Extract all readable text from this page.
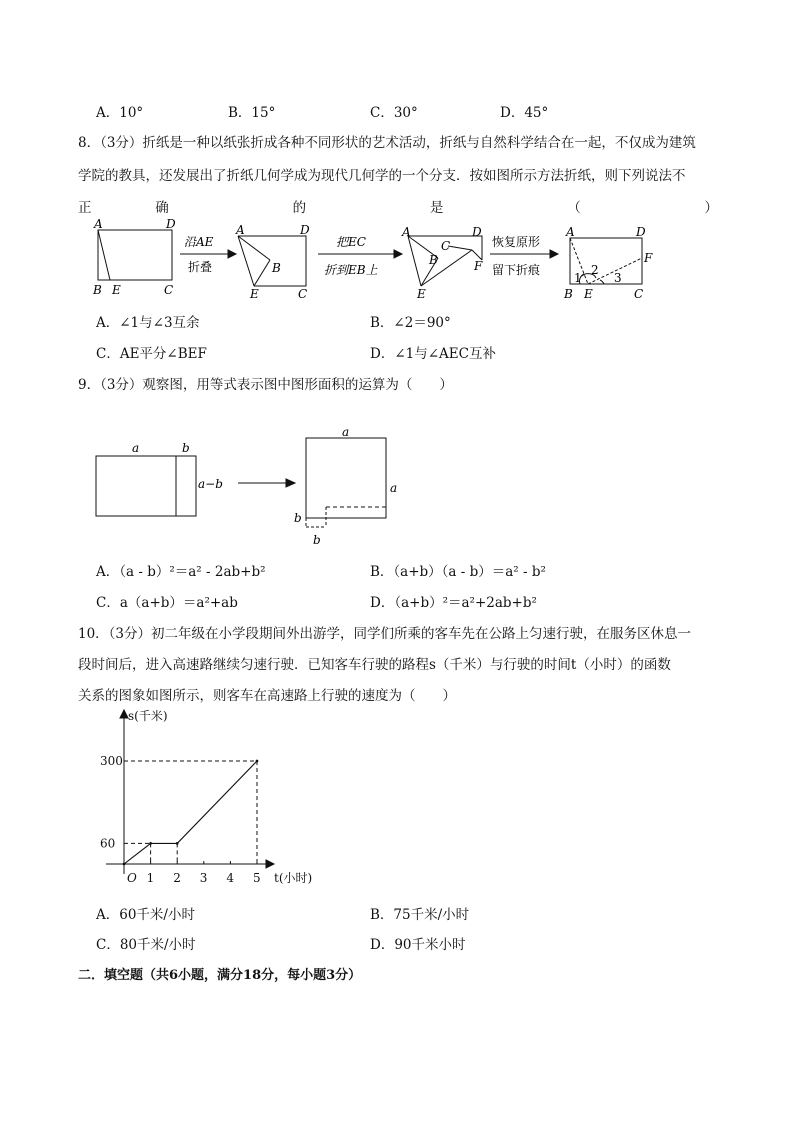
A．10°	B．15°	C．30°	D．45°
8．（3分）折纸是一种以纸张折成各种不同形状的艺术活动，折纸与自然科学结合在一起，不仅成为建筑
学院的教具，还发展出了折纸几何学成为现代几何学的一个分支．按如图所示方法折纸，则下列说法不
正	确	的	是	（	）
A	D
B E	C
沿AE
折叠
A	D
B
E	C
把EC
折到EB上
A	D
C
B	F
E
恢复原形
留下折痕
A	D
F
B E	C
1
2
3
A．∠1与∠3互余	B．∠2＝90°
C．AE平分∠BEF	D．∠1与∠AEC互补
9．（3分）观察图，用等式表示图中图形面积的运算为（　　）
a	b
a−b
a
a
b
b
A．（a - b）²＝a² - 2ab+b²	B．（a+b）（a - b）＝a² - b²
C．a（a+b）＝a²+ab	D．（a+b）²＝a²+2ab+b²
10．（3分）初二年级在小学段期间外出游学，同学们所乘的客车先在公路上匀速行驶，在服务区休息一
段时间后，进入高速路继续匀速行驶．已知客车行驶的路程s（千米）与行驶的时间t（小时）的函数
关系的图象如图所示，则客车在高速路上行驶的速度为（　　）
1 2 3 4 5
60
300
O
s(千米)
t(小时)
A．60千米/小时	B．75千米/小时
C．80千米/小时	D．90千米小时
二．填空题（共6小题，满分18分，每小题3分）
